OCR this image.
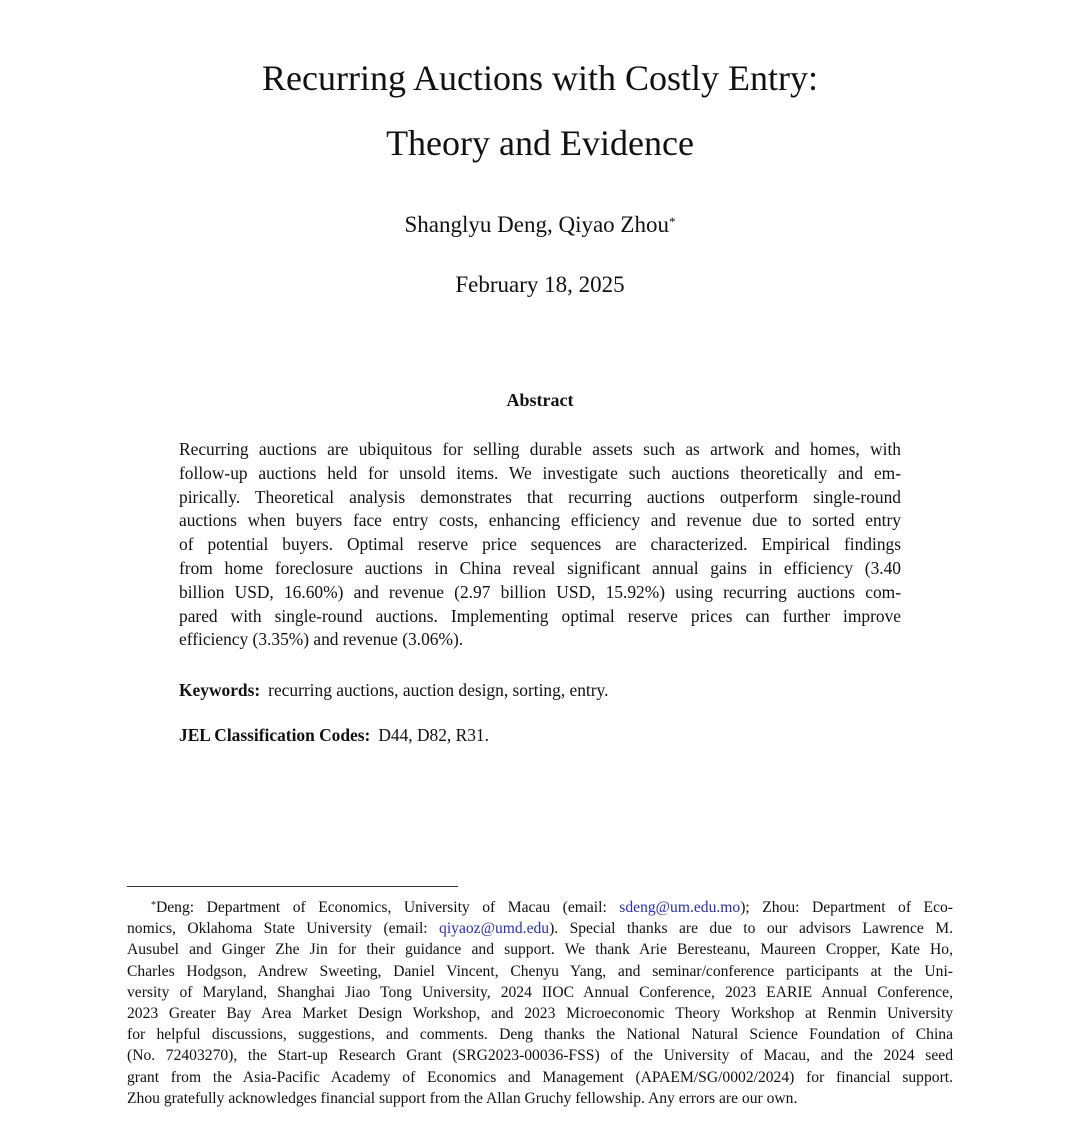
Recurring Auctions with Costly Entry:
Theory and Evidence
Shanglyu Deng, Qiyao Zhou*
February 18, 2025
Abstract
Recurring auctions are ubiquitous for selling durable assets such as artwork and homes, with
follow-up auctions held for unsold items. We investigate such auctions theoretically and em-
pirically. Theoretical analysis demonstrates that recurring auctions outperform single-round
auctions when buyers face entry costs, enhancing efficiency and revenue due to sorted entry
of potential buyers. Optimal reserve price sequences are characterized. Empirical findings
from home foreclosure auctions in China reveal significant annual gains in efficiency (3.40
billion USD, 16.60%) and revenue (2.97 billion USD, 15.92%) using recurring auctions com-
pared with single-round auctions. Implementing optimal reserve prices can further improve
efficiency (3.35%) and revenue (3.06%).
Keywords: recurring auctions, auction design, sorting, entry.
JEL Classification Codes: D44, D82, R31.
*Deng: Department of Economics, University of Macau (email: sdeng@um.edu.mo); Zhou: Department of Eco-
nomics, Oklahoma State University (email: qiyaoz@umd.edu). Special thanks are due to our advisors Lawrence M.
Ausubel and Ginger Zhe Jin for their guidance and support. We thank Arie Beresteanu, Maureen Cropper, Kate Ho,
Charles Hodgson, Andrew Sweeting, Daniel Vincent, Chenyu Yang, and seminar/conference participants at the Uni-
versity of Maryland, Shanghai Jiao Tong University, 2024 IIOC Annual Conference, 2023 EARIE Annual Conference,
2023 Greater Bay Area Market Design Workshop, and 2023 Microeconomic Theory Workshop at Renmin University
for helpful discussions, suggestions, and comments. Deng thanks the National Natural Science Foundation of China
(No. 72403270), the Start-up Research Grant (SRG2023-00036-FSS) of the University of Macau, and the 2024 seed
grant from the Asia-Pacific Academy of Economics and Management (APAEM/SG/0002/2024) for financial support.
Zhou gratefully acknowledges financial support from the Allan Gruchy fellowship. Any errors are our own.
